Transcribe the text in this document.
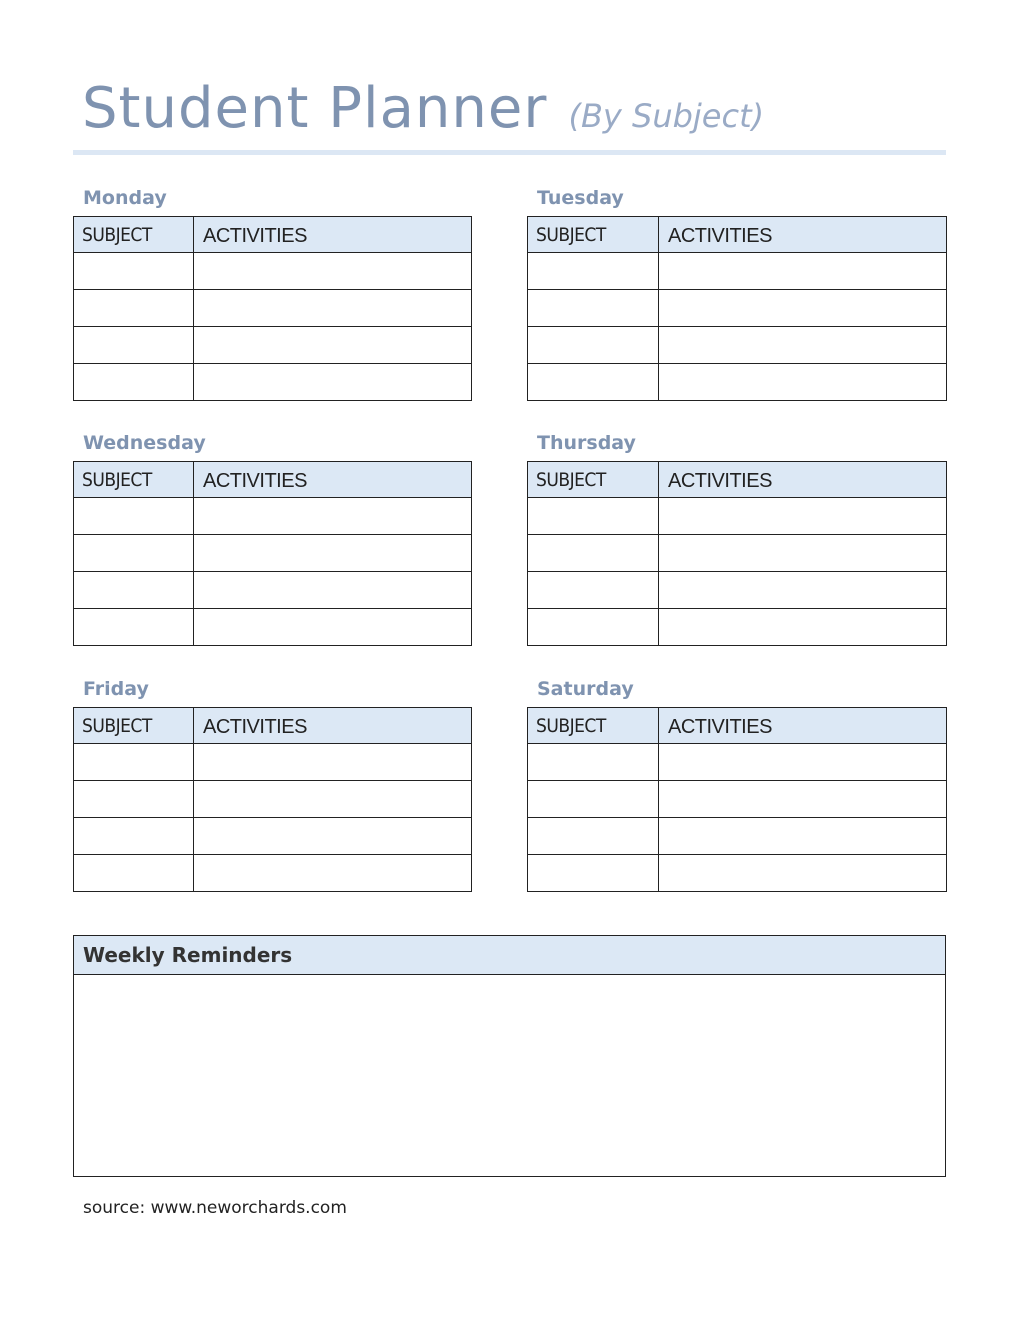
Student Planner (By Subject)
Monday
SUBJECT	ACTIVITIES

Tuesday
SUBJECT	ACTIVITIES

Wednesday
SUBJECT	ACTIVITIES

Thursday
SUBJECT	ACTIVITIES

Friday
SUBJECT	ACTIVITIES

Saturday
SUBJECT	ACTIVITIES

Weekly Reminders
source: www.neworchards.com
